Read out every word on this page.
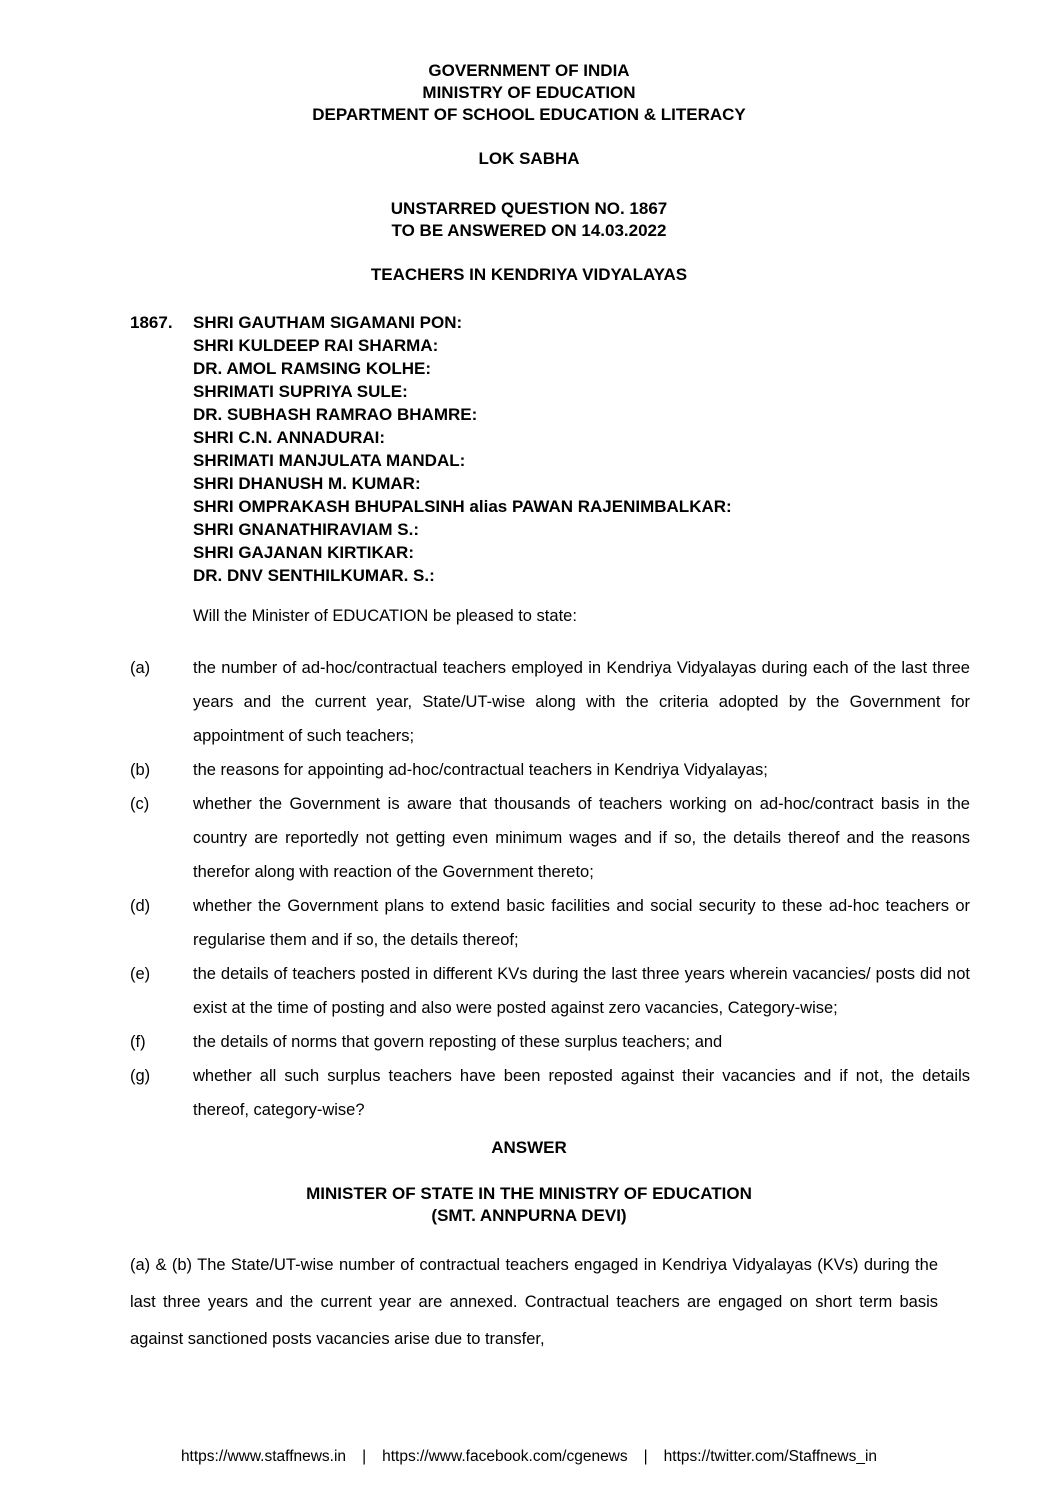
GOVERNMENT OF INDIA
MINISTRY OF EDUCATION
DEPARTMENT OF SCHOOL EDUCATION & LITERACY
LOK SABHA
UNSTARRED QUESTION NO. 1867
TO BE ANSWERED ON 14.03.2022
TEACHERS IN KENDRIYA VIDYALAYAS
1867.	SHRI GAUTHAM SIGAMANI PON:
SHRI KULDEEP RAI SHARMA:
DR. AMOL RAMSING KOLHE:
SHRIMATI SUPRIYA SULE:
DR. SUBHASH RAMRAO BHAMRE:
SHRI C.N. ANNADURAI:
SHRIMATI MANJULATA MANDAL:
SHRI DHANUSH M. KUMAR:
SHRI OMPRAKASH BHUPALSINH alias PAWAN RAJENIMBALKAR:
SHRI GNANATHIRAVIAM S.:
SHRI GAJANAN KIRTIKAR:
DR. DNV SENTHILKUMAR. S.:

Will the Minister of EDUCATION be pleased to state:

(a)	the number of ad-hoc/contractual teachers employed in Kendriya Vidyalayas during each of the last three years and the current year, State/UT-wise along with the criteria adopted by the Government for appointment of such teachers;
(b)	the reasons for appointing ad-hoc/contractual teachers in Kendriya Vidyalayas;
(c)	whether the Government is aware that thousands of teachers working on ad-hoc/contract basis in the country are reportedly not getting even minimum wages and if so, the details thereof and the reasons therefor along with reaction of the Government thereto;
(d)	whether the Government plans to extend basic facilities and social security to these ad-hoc teachers or regularise them and if so, the details thereof;
(e)	the details of teachers posted in different KVs during the last three years wherein vacancies/ posts did not exist at the time of posting and also were posted against zero vacancies, Category-wise;
(f)	the details of norms that govern reposting of these surplus teachers; and
(g)	whether all such surplus teachers have been reposted against their vacancies and if not, the details thereof, category-wise?
ANSWER
MINISTER OF STATE IN THE MINISTRY OF EDUCATION
(SMT. ANNPURNA DEVI)

(a) & (b) The State/UT-wise number of contractual teachers engaged in Kendriya Vidyalayas (KVs) during the last three years and the current year are annexed. Contractual teachers are engaged on short term basis against sanctioned posts vacancies arise due to transfer,

https://www.staffnews.in | https://www.facebook.com/cgenews | https://twitter.com/Staffnews_in
